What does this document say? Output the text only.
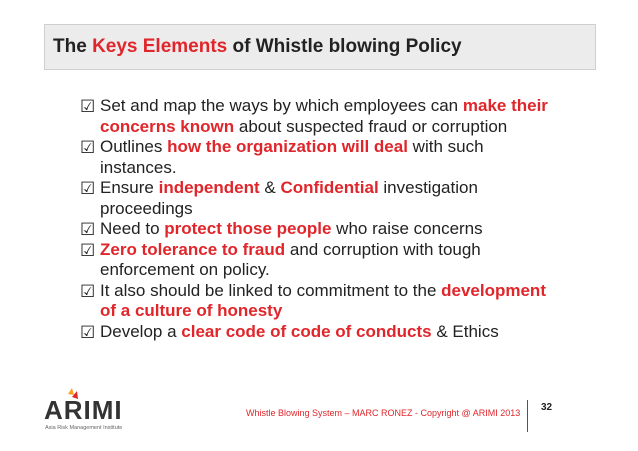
The Keys Elements of Whistle blowing Policy
☑ Set and map the ways by which employees can make their concerns known about suspected fraud or corruption
☑ Outlines how the organization will deal with such instances.
☑ Ensure independent & Confidential investigation proceedings
☑ Need to protect those people who raise concerns
☑ Zero tolerance to fraud and corruption with tough enforcement on policy.
☑ It also should be linked to commitment to the development of a culture of honesty
☑ Develop a clear code of code of conducts & Ethics
ARIMI
Asia Risk Management Institute
Whistle Blowing System – MARC RONEZ - Copyright @ ARIMI 2013 32
